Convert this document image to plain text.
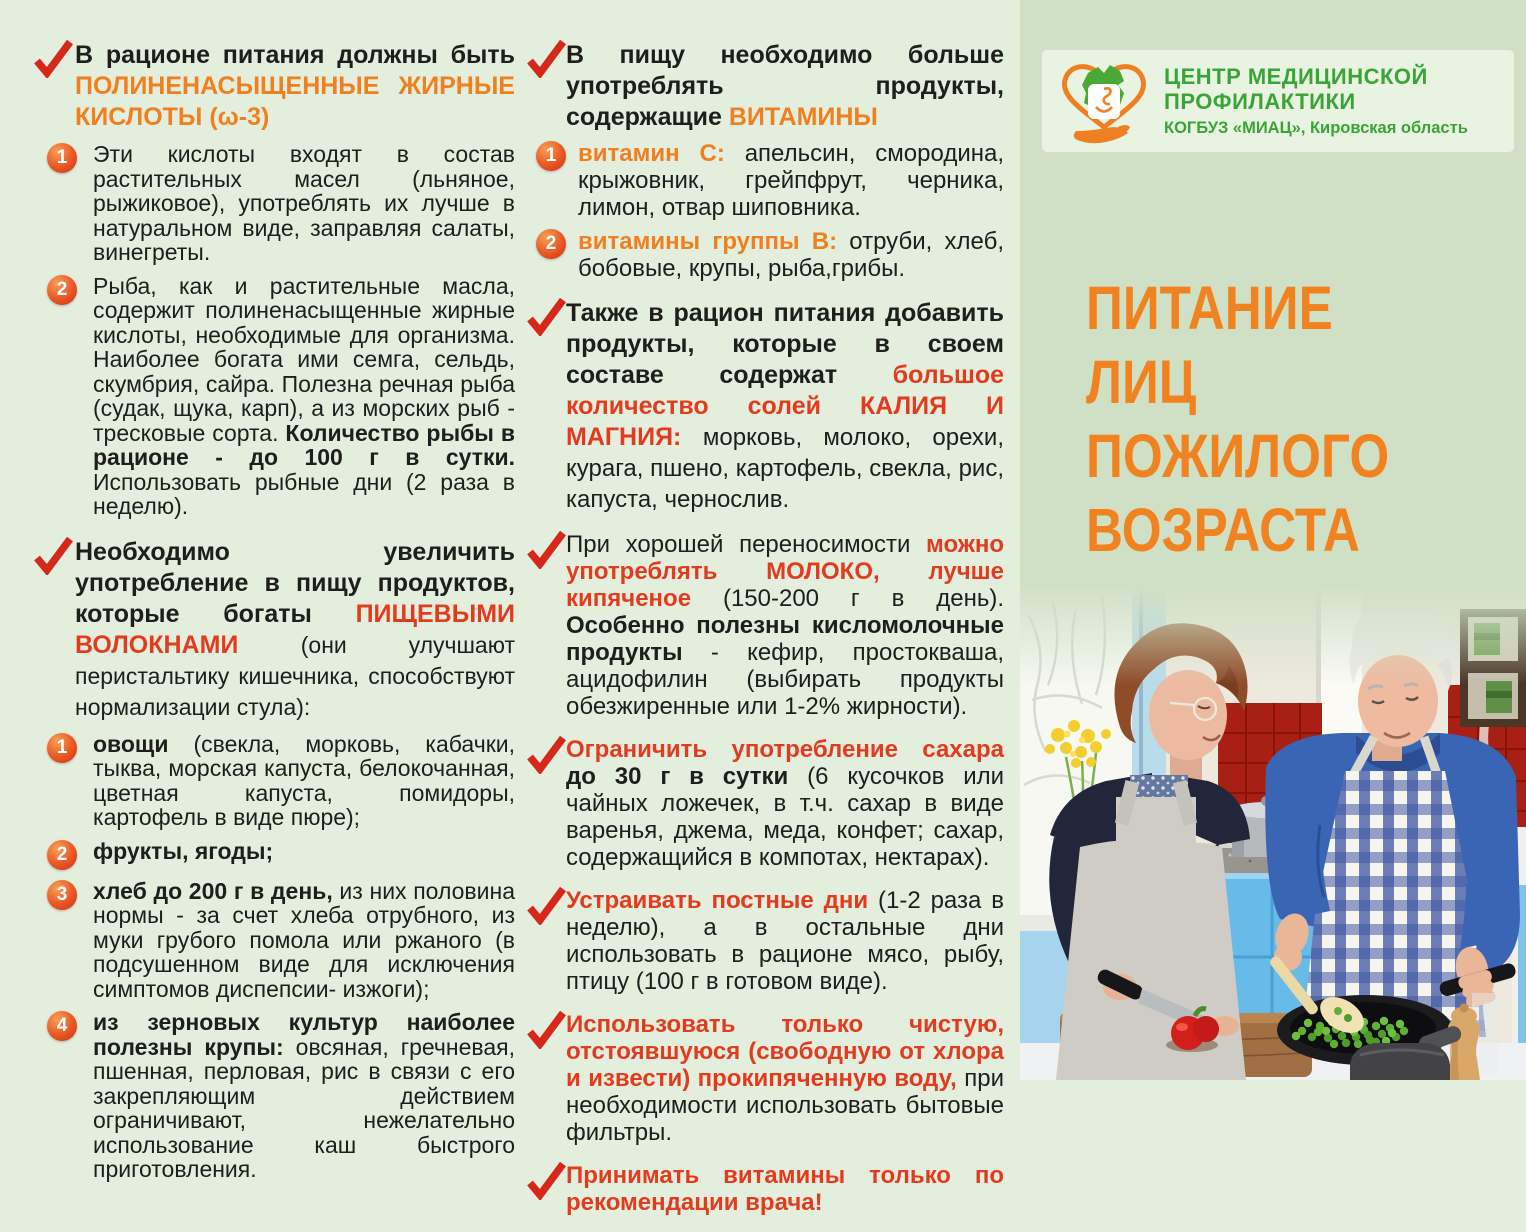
В рационе питания должны быть ПОЛИНЕНАСЫЩЕННЫЕ ЖИРНЫЕ КИСЛОТЫ (ω-3)

1	Эти кислоты входят в состав растительных масел (льняное, рыжиковое), употреблять их лучше в натуральном виде, заправляя салаты, винегреты.

2	Рыба, как и растительные масла, содержит полиненасыщенные жирные кислоты, необходимые для организма. Наиболее богата ими семга, сельдь, скумбрия, сайра. Полезна речная рыба (судак, щука, карп), а из морских рыб - тресковые сорта. Количество рыбы в рационе - до 100 г в сутки. Использовать рыбные дни (2 раза в неделю).

Необходимо увеличить употребление в пищу продуктов, которые богаты ПИЩЕВЫМИ ВОЛОКНАМИ (они улучшают перистальтику кишечника, способствуют нормализации стула):

1	овощи (свекла, морковь, кабачки, тыква, морская капуста, белокочанная, цветная капуста, помидоры, картофель в виде пюре);

2	фрукты, ягоды;

3	хлеб до 200 г в день, из них половина нормы - за счет хлеба отрубного, из муки грубого помола или ржаного (в подсушенном виде для исключения симптомов диспепсии- изжоги);

4	из зерновых культур наиболее полезны крупы: овсяная, гречневая, пшенная, перловая, рис в связи с его закрепляющим действием ограничивают, нежелательно использование каш быстрого приготовления.

В пищу необходимо больше употреблять продукты, содержащие ВИТАМИНЫ

1 витамин С: апельсин, смородина, крыжовник, грейпфрут, черника, лимон, отвар шиповника.

2 витамины группы В: отруби, хлеб, бобовые, крупы, рыба,грибы.

Также в рацион питания добавить продукты, которые в своем составе содержат большое количество солей КАЛИЯ И МАГНИЯ: морковь, молоко, орехи, курага, пшено, картофель, свекла, рис, капуста, чернослив.

При хорошей переносимости можно употреблять МОЛОКО, лучше кипяченое (150-200 г в день). Особенно полезны кисломолочные продукты - кефир, простокваша, ацидофилин (выбирать продукты обезжиренные или 1-2% жирности).

Ограничить употребление сахара до 30 г в сутки (6 кусочков или чайных ложечек, в т.ч. сахар в виде варенья, джема, меда, конфет; сахар, содержащийся в компотах, нектарах).

Устраивать постные дни (1-2 раза в неделю), а в остальные дни использовать в рационе мясо, рыбу, птицу (100 г в готовом виде).

Использовать только чистую, отстоявшуюся (свободную от хлора и извести) прокипяченную воду, при необходимости использовать бытовые фильтры.

Принимать витамины только по рекомендации врача!

ЦЕНТР МЕДИЦИНСКОЙ
ПРОФИЛАКТИКИ
КОГБУЗ «МИАЦ», Кировская область
ПИТАНИЕ
ЛИЦ
ПОЖИЛОГО
ВОЗРАСТА
